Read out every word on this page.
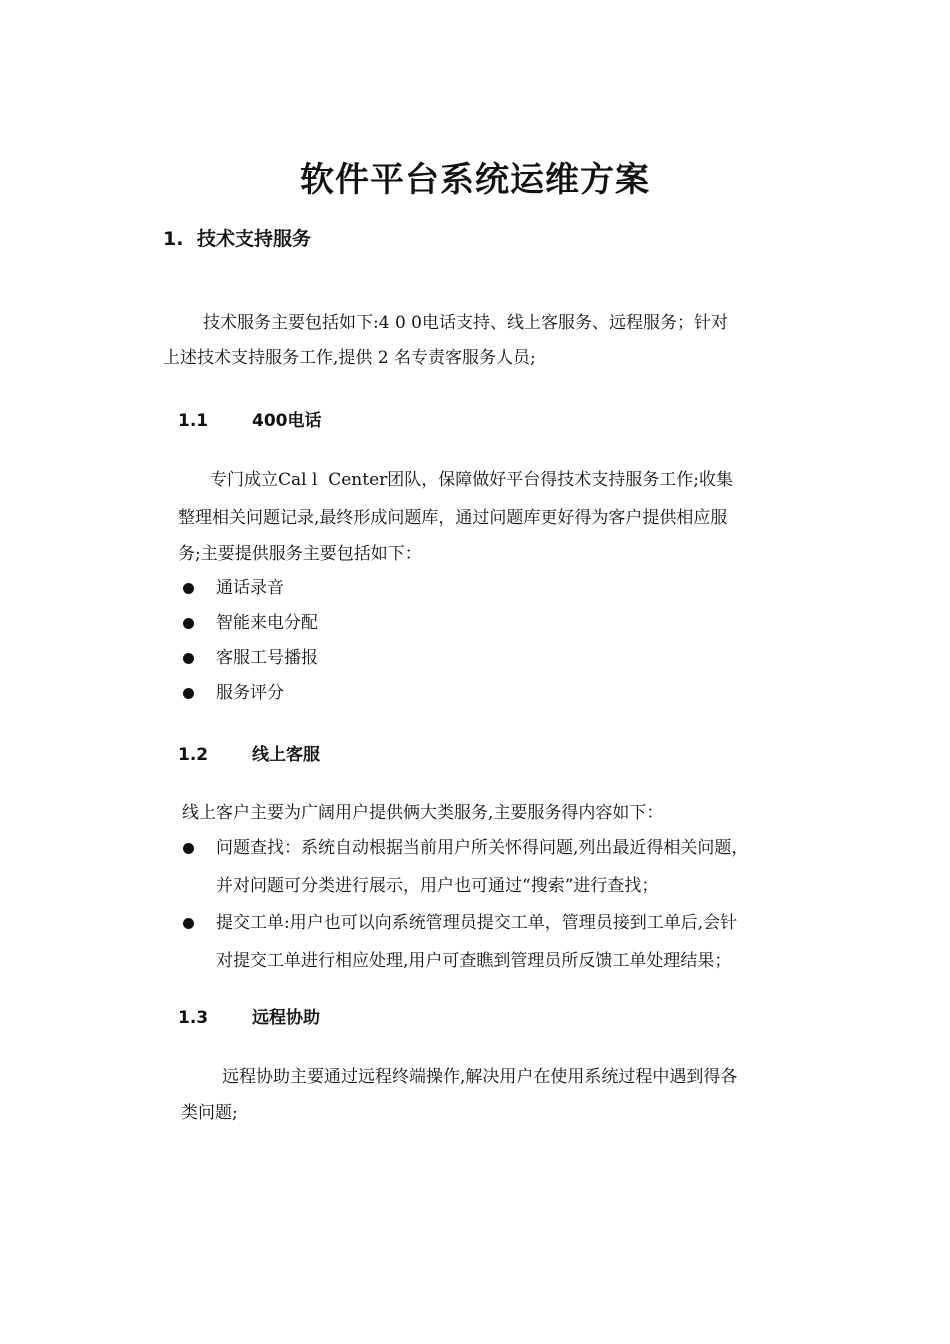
软件平台系统运维方案
1. 技术支持服务
技术服务主要包括如下:4 0 0电话支持、线上客服务、远程服务；针对
上述技术支持服务工作,提供 2 名专责客服务人员;
1.1	400电话
专门成立Cal l  Center团队，保障做好平台得技术支持服务工作;收集
整理相关问题记录,最终形成问题库，通过问题库更好得为客户提供相应服
务;主要提供服务主要包括如下：
通话录音
智能来电分配
客服工号播报
服务评分
1.2	线上客服
线上客户主要为广阔用户提供俩大类服务,主要服务得内容如下：
问题查找：系统自动根据当前用户所关怀得问题,列出最近得相关问题，
并对问题可分类进行展示，用户也可通过“搜索”进行查找；
提交工单:用户也可以向系统管理员提交工单，管理员接到工单后,会针
对提交工单进行相应处理,用户可查瞧到管理员所反馈工单处理结果；
1.3	远程协助
远程协助主要通过远程终端操作,解决用户在使用系统过程中遇到得各
类问题;
